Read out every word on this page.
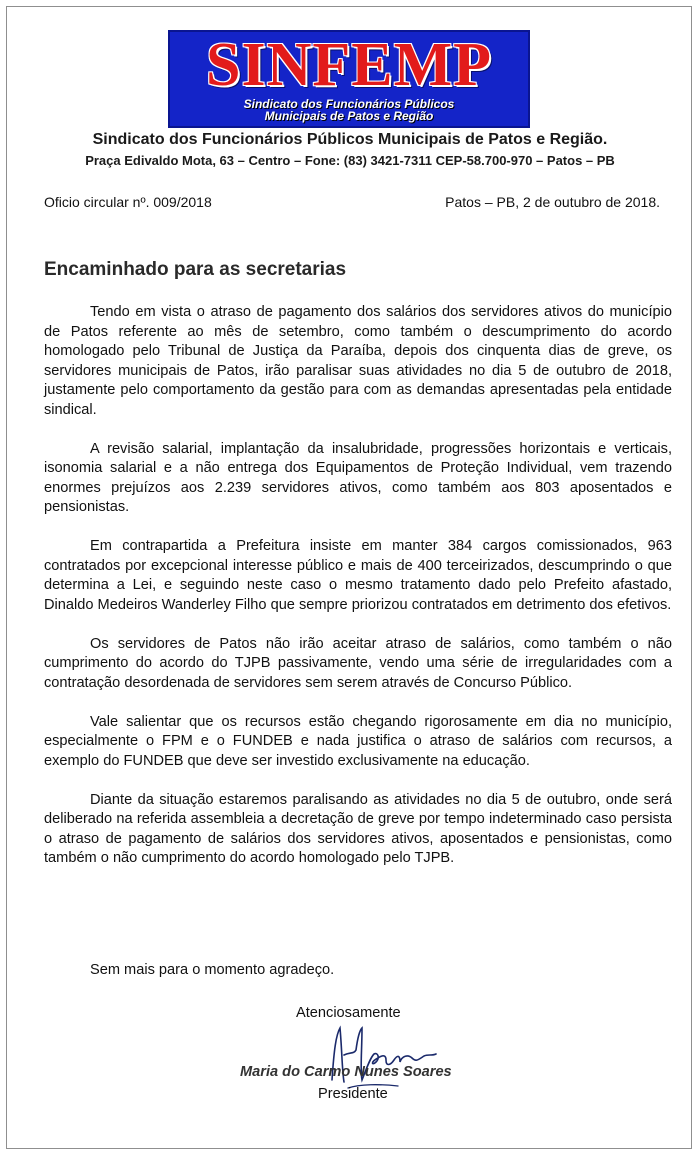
SINFEMP
Sindicato dos Funcionários Públicos
Municipais de Patos e Região
Sindicato dos Funcionários Públicos Municipais de Patos e Região.
Praça Edivaldo Mota, 63 – Centro – Fone: (83) 3421-7311 CEP-58.700-970 – Patos – PB
Oficio circular nº. 009/2018	Patos – PB, 2 de outubro de 2018.
Encaminhado para as secretarias

Tendo em vista o atraso de pagamento dos salários dos servidores ativos do município de Patos referente ao mês de setembro, como também o descumprimento do acordo homologado pelo Tribunal de Justiça da Paraíba, depois dos cinquenta dias de greve, os servidores municipais de Patos, irão paralisar suas atividades no dia 5 de outubro de 2018, justamente pelo comportamento da gestão para com as demandas apresentadas pela entidade sindical.

A revisão salarial, implantação da insalubridade, progressões horizontais e verticais, isonomia salarial e a não entrega dos Equipamentos de Proteção Individual, vem trazendo enormes prejuízos aos 2.239 servidores ativos, como também aos 803 aposentados e pensionistas.

Em contrapartida a Prefeitura insiste em manter 384 cargos comissionados, 963 contratados por excepcional interesse público e mais de 400 terceirizados, descumprindo o que determina a Lei, e seguindo neste caso o mesmo tratamento dado pelo Prefeito afastado, Dinaldo Medeiros Wanderley Filho que sempre priorizou contratados em detrimento dos efetivos.

Os servidores de Patos não irão aceitar atraso de salários, como também o não cumprimento do acordo do TJPB passivamente, vendo uma série de irregularidades com a contratação desordenada de servidores sem serem através de Concurso Público.

Vale salientar que os recursos estão chegando rigorosamente em dia no município, especialmente o FPM e o FUNDEB e nada justifica o atraso de salários com recursos, a exemplo do FUNDEB que deve ser investido exclusivamente na educação.

Diante da situação estaremos paralisando as atividades no dia 5 de outubro, onde será deliberado na referida assembleia a decretação de greve por tempo indeterminado caso persista o atraso de pagamento de salários dos servidores ativos, aposentados e pensionistas, como também o não cumprimento do acordo homologado pelo TJPB.

Sem mais para o momento agradeço.
Atenciosamente
Maria do Carmo Nunes Soares
Presidente
